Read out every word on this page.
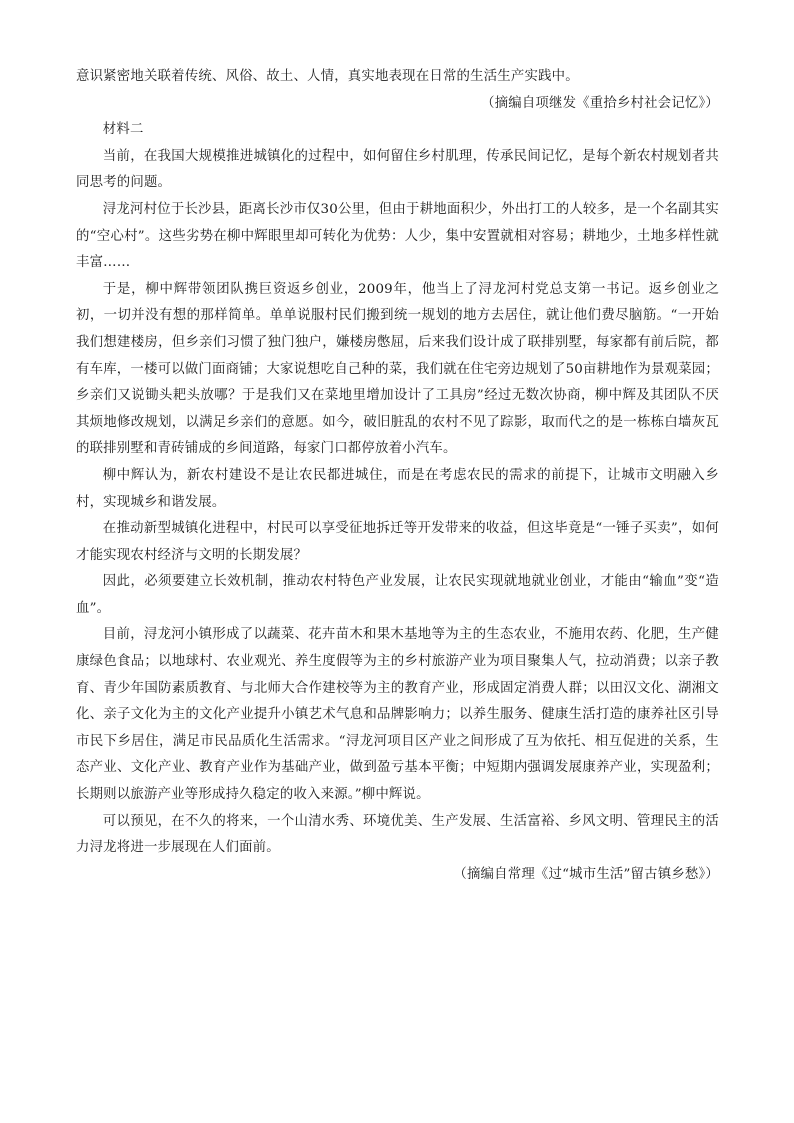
意识紧密地关联着传统、风俗、故土、人情，真实地表现在日常的生活生产实践中。

（摘编自项继发《重拾乡村社会记忆》）

材料二

当前，在我国大规模推进城镇化的过程中，如何留住乡村肌理，传承民间记忆，是每个新农村规划者共同思考的问题。

浔龙河村位于长沙县，距离长沙市仅30公里，但由于耕地面积少，外出打工的人较多，是一个名副其实的“空心村”。这些劣势在柳中辉眼里却可转化为优势：人少，集中安置就相对容易；耕地少，土地多样性就丰富……

于是，柳中辉带领团队携巨资返乡创业，2009年，他当上了浔龙河村党总支第一书记。返乡创业之初，一切并没有想的那样简单。单单说服村民们搬到统一规划的地方去居住，就让他们费尽脑筋。“一开始我们想建楼房，但乡亲们习惯了独门独户，嫌楼房憋屈，后来我们设计成了联排别墅，每家都有前后院，都有车库，一楼可以做门面商铺；大家说想吃自己种的菜，我们就在住宅旁边规划了50亩耕地作为景观菜园；乡亲们又说锄头耙头放哪？于是我们又在菜地里增加设计了工具房”经过无数次协商，柳中辉及其团队不厌其烦地修改规划，以满足乡亲们的意愿。如今，破旧脏乱的农村不见了踪影，取而代之的是一栋栋白墙灰瓦的联排别墅和青砖铺成的乡间道路，每家门口都停放着小汽车。

柳中辉认为，新农村建设不是让农民都进城住，而是在考虑农民的需求的前提下，让城市文明融入乡村，实现城乡和谐发展。

在推动新型城镇化进程中，村民可以享受征地拆迁等开发带来的收益，但这毕竟是“一锤子买卖”，如何才能实现农村经济与文明的长期发展？

因此，必须要建立长效机制，推动农村特色产业发展，让农民实现就地就业创业，才能由“输血”变“造血”。

目前，浔龙河小镇形成了以蔬菜、花卉苗木和果木基地等为主的生态农业，不施用农药、化肥，生产健康绿色食品；以地球村、农业观光、养生度假等为主的乡村旅游产业为项目聚集人气，拉动消费；以亲子教育、青少年国防素质教育、与北师大合作建校等为主的教育产业，形成固定消费人群；以田汉文化、湖湘文化、亲子文化为主的文化产业提升小镇艺术气息和品牌影响力；以养生服务、健康生活打造的康养社区引导市民下乡居住，满足市民品质化生活需求。“浔龙河项目区产业之间形成了互为依托、相互促进的关系，生态产业、文化产业、教育产业作为基础产业，做到盈亏基本平衡；中短期内强调发展康养产业，实现盈利；长期则以旅游产业等形成持久稳定的收入来源。”柳中辉说。

可以预见，在不久的将来，一个山清水秀、环境优美、生产发展、生活富裕、乡风文明、管理民主的活力浔龙将进一步展现在人们面前。

（摘编自常理《过“城市生活”留古镇乡愁》）
